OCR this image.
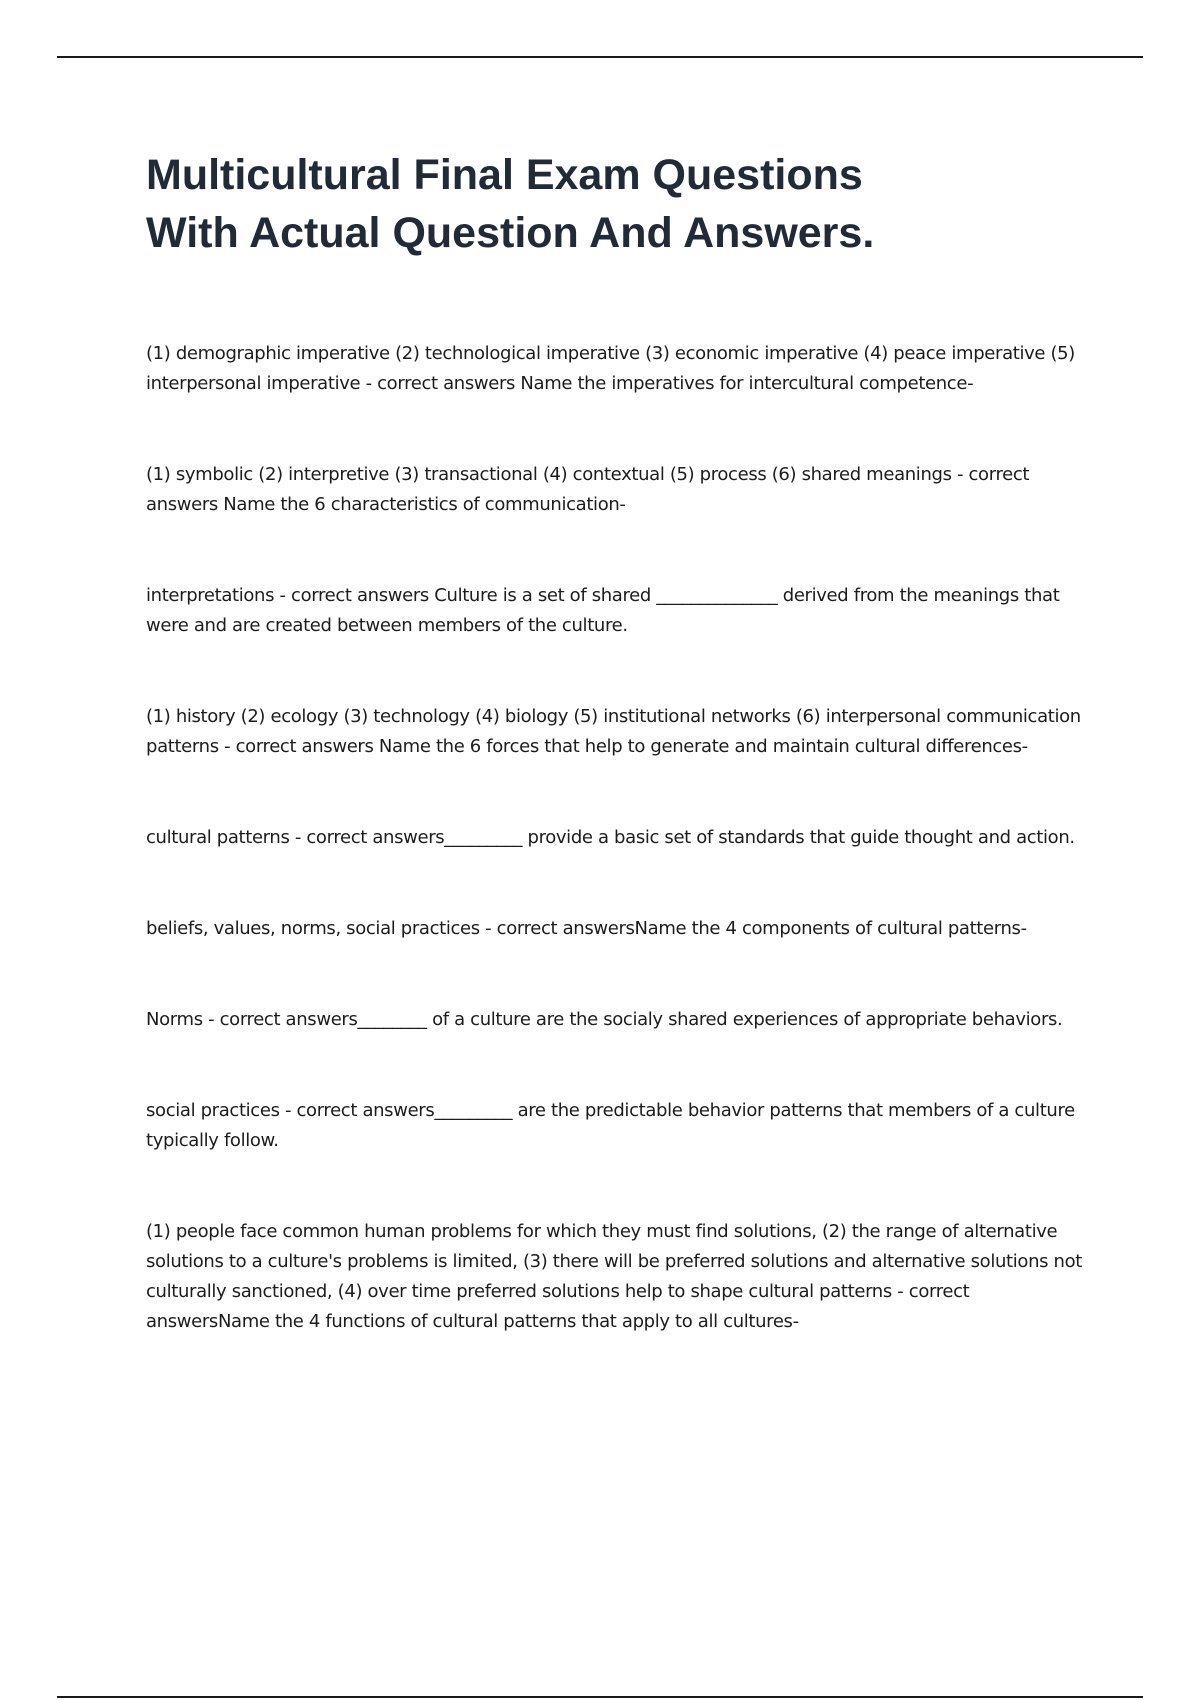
Multicultural Final Exam Questions
With Actual Question And Answers.

(1) demographic imperative (2) technological imperative (3) economic imperative (4) peace imperative (5) interpersonal imperative - correct answers Name the imperatives for intercultural competence-

(1) symbolic (2) interpretive (3) transactional (4) contextual (5) process (6) shared meanings - correct answers Name the 6 characteristics of communication-

interpretations - correct answers Culture is a set of shared ______________ derived from the meanings that were and are created between members of the culture.

(1) history (2) ecology (3) technology (4) biology (5) institutional networks (6) interpersonal communication patterns - correct answers Name the 6 forces that help to generate and maintain cultural differences-

cultural patterns - correct answers_________ provide a basic set of standards that guide thought and action.

beliefs, values, norms, social practices - correct answersName the 4 components of cultural patterns-

Norms - correct answers________ of a culture are the socialy shared experiences of appropriate behaviors.

social practices - correct answers_________ are the predictable behavior patterns that members of a culture typically follow.

(1) people face common human problems for which they must find solutions, (2) the range of alternative solutions to a culture's problems is limited, (3) there will be preferred solutions and alternative solutions not culturally sanctioned, (4) over time preferred solutions help to shape cultural patterns - correct answersName the 4 functions of cultural patterns that apply to all cultures-
